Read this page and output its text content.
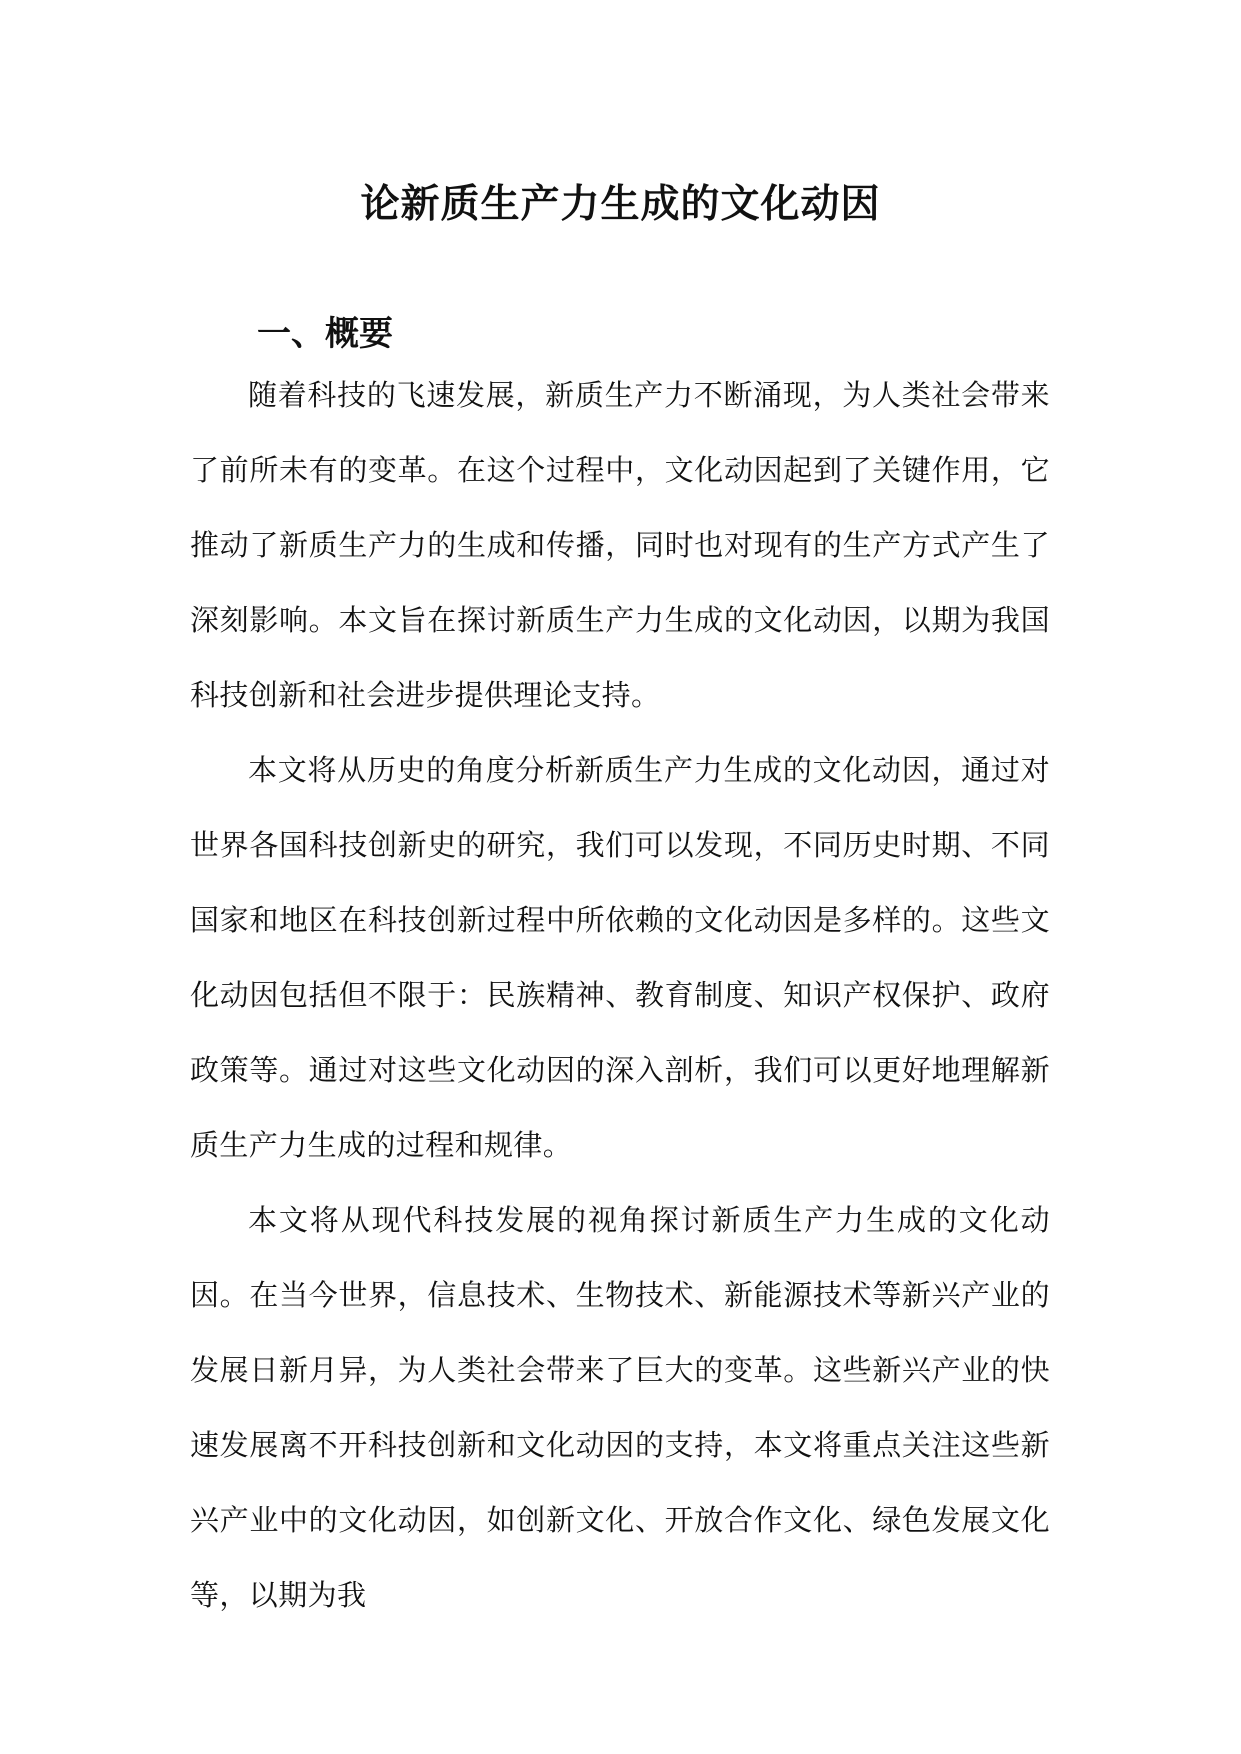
论新质生产力生成的文化动因
一、概要

随着科技的飞速发展，新质生产力不断涌现，为人类社会带来了前所未有的变革。在这个过程中，文化动因起到了关键作用，它推动了新质生产力的生成和传播，同时也对现有的生产方式产生了深刻影响。本文旨在探讨新质生产力生成的文化动因，以期为我国科技创新和社会进步提供理论支持。

本文将从历史的角度分析新质生产力生成的文化动因，通过对世界各国科技创新史的研究，我们可以发现，不同历史时期、不同国家和地区在科技创新过程中所依赖的文化动因是多样的。这些文化动因包括但不限于：民族精神、教育制度、知识产权保护、政府政策等。通过对这些文化动因的深入剖析，我们可以更好地理解新质生产力生成的过程和规律。

本文将从现代科技发展的视角探讨新质生产力生成的文化动因。在当今世界，信息技术、生物技术、新能源技术等新兴产业的发展日新月异，为人类社会带来了巨大的变革。这些新兴产业的快速发展离不开科技创新和文化动因的支持，本文将重点关注这些新兴产业中的文化动因，如创新文化、开放合作文化、绿色发展文化等，以期为我
